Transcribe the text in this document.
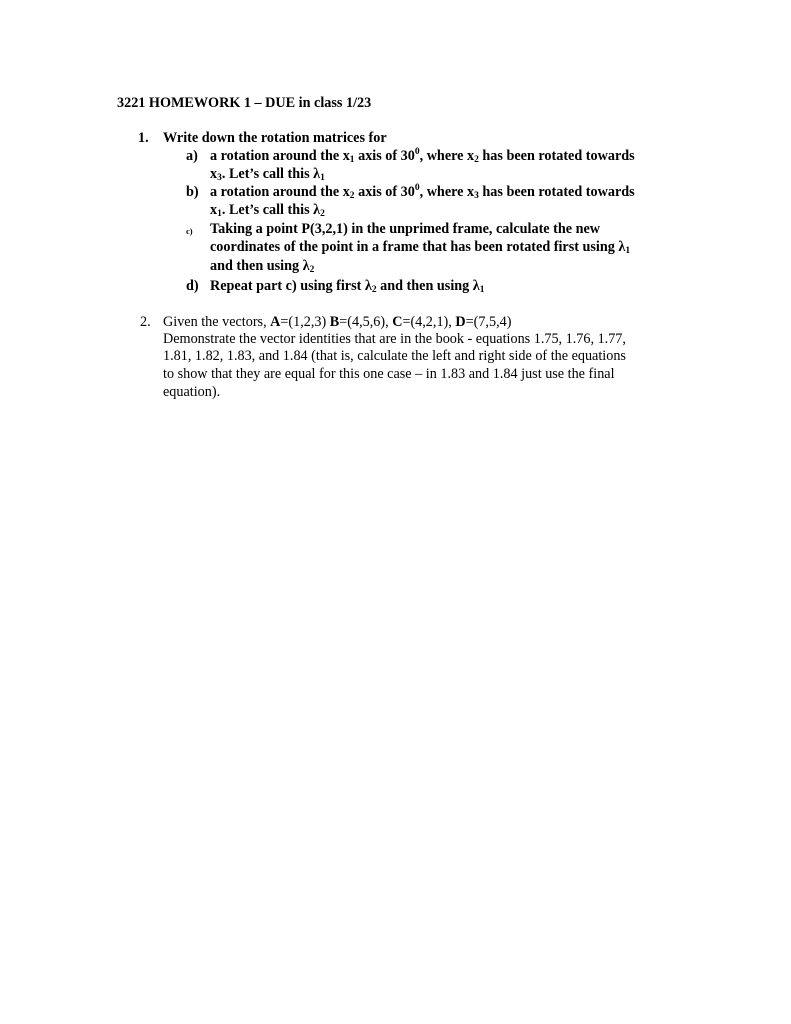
3221 HOMEWORK 1 – DUE in class 1/23
1. Write down the rotation matrices for
a) a rotation around the $x_1$ axis of $30^0$, where $x_2$ has been rotated towards
$x_3$. Let’s call this $\lambda_1$
b) a rotation around the $x_2$ axis of $30^0$, where $x_3$ has been rotated towards
$x_1$. Let’s call this $\lambda_2$
c) Taking a point P(3,2,1) in the unprimed frame, calculate the new
coordinates of the point in a frame that has been rotated first using $\lambda_1$
and then using $\lambda_2$
d) Repeat part c) using first $\lambda_2$ and then using $\lambda_1$
2. Given the vectors, A=(1,2,3) B=(4,5,6), C=(4,2,1), D=(7,5,4)
Demonstrate the vector identities that are in the book - equations 1.75, 1.76, 1.77,
1.81, 1.82, 1.83, and 1.84 (that is, calculate the left and right side of the equations
to show that they are equal for this one case – in 1.83 and 1.84 just use the final
equation).
